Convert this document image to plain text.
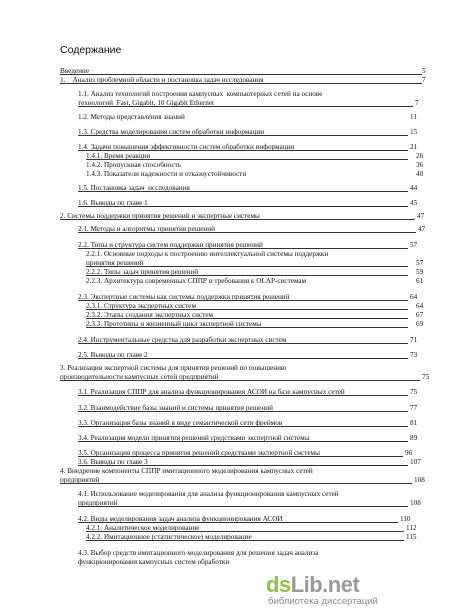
Содержание
Введение	5
1.    Анализ проблемной области и постановка задач исследования	7
1.1. Анализ технологий построения кампусных  компьютерных сетей на основе
технологий  Fast, Gigabit, 10 Gigabit Ethernet	7
1.2. Методы представления знаний	11
1.3. Средства моделирования систем обработки информации	15
1.4. Задачи повышения эффективности систем обработки информации	21
1.4.1. Время реакции	26
1.4.2. Пропускная способность	36
1.4.3. Показатели надежности и отказоустойчивости	40
1.5. Постановка задач  исследования	44
1.6. Выводы по главе 1	45
2. Системы поддержки принятия решений и экспертные системы	47
2.1. Методы и алгоритмы принятия решений	47
2.2. Типы и структура систем поддержки принятия решений	57
2.2.1. Основные подходы к построению интеллектуальной системы поддержки
принятия решений	57
2.2.2. Типы задач принятия решений	59
2.2.3. Архитектура современных СППР и требования к OLAP-системам	61
2.3. Экспертные системы как системы поддержки принятия решений	64
2.3.1. Структура экспертных систем	64
2.3.2. Этапы создания экспертных систем	67
2.3.3. Прототипы и жизненный цикл экспертной системы	69
2.4. Инструментальные средства для разработки экспертных систем	71
2.5. Выводы по главе 2	73
3. Реализация экспертной системы для принятия решений по повышению
производительности кампусных сетей предприятий	75
3.1. Реализация СППР для анализа функционирования АСОИ на базе кампусных сетей	75
3.2. Взаимодействие базы знаний и системы принятия решений	77
3.3. Организация базы знаний в виде семантической сети фреймов	81
3.4. Реализация модели принятия решений средствами экспертной системы	89
3.5. Организация процесса принятия решений средствами экспертной системы	96
3.6. Выводы по главе 3	107
4. Внедрение компоненты СППР имитационного моделирования кампусных сетей
предприятий	108
4.1. Использование моделирования для анализа функционирования кампусных сетей
предприятий	108
4.2. Виды моделирования задач анализа функционирования АСОИ	110
4.2.1. Аналитическое моделирование	112
4.2.2. Имитационное (статистическое) моделирование	115
4.3. Выбор средств имитационного моделирования для решения задач анализа
функционирования кампусных систем обработки
dsLib.net
библиотека диссертаций
